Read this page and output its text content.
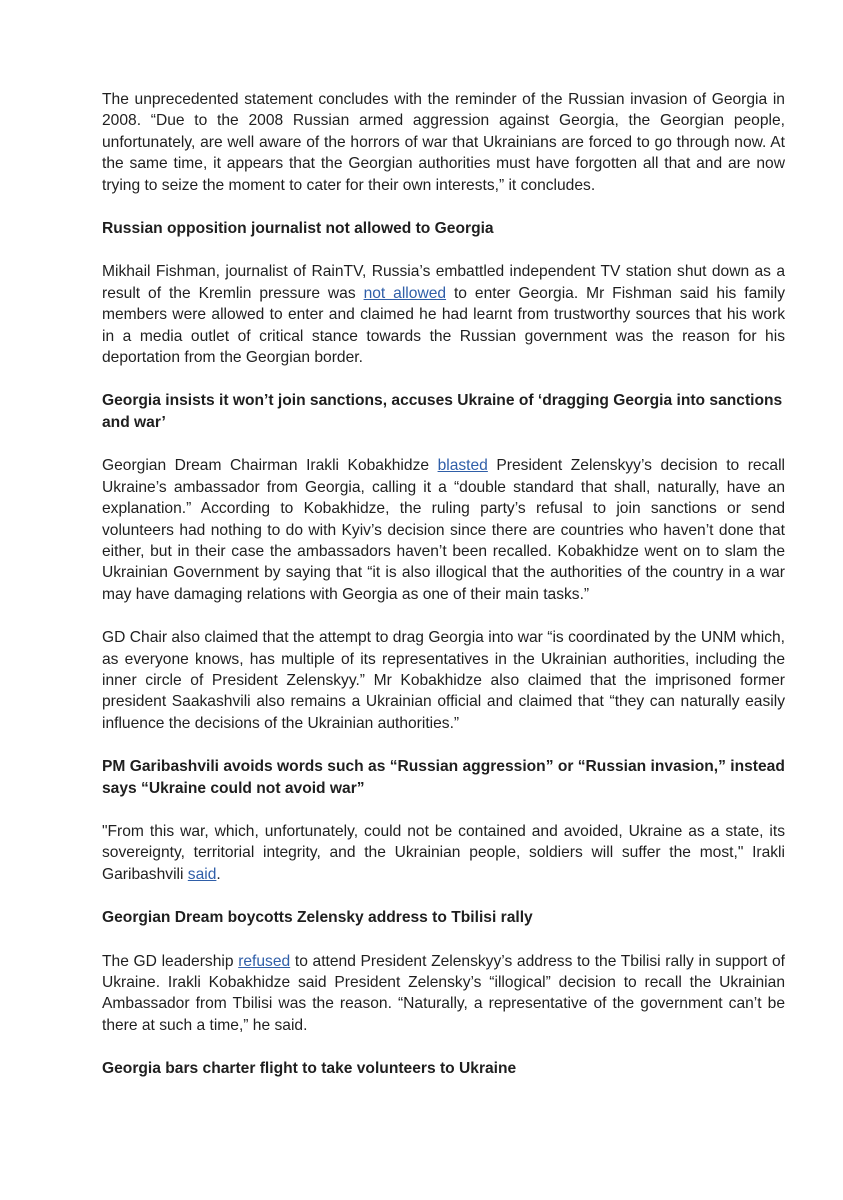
The unprecedented statement concludes with the reminder of the Russian invasion of Georgia in 2008. “Due to the 2008 Russian armed aggression against Georgia, the Georgian people, unfortunately, are well aware of the horrors of war that Ukrainians are forced to go through now. At the same time, it appears that the Georgian authorities must have forgotten all that and are now trying to seize the moment to cater for their own interests,” it concludes.

Russian opposition journalist not allowed to Georgia

Mikhail Fishman, journalist of RainTV, Russia’s embattled independent TV station shut down as a result of the Kremlin pressure was not allowed to enter Georgia. Mr Fishman said his family members were allowed to enter and claimed he had learnt from trustworthy sources that his work in a media outlet of critical stance towards the Russian government was the reason for his deportation from the Georgian border.

Georgia insists it won’t join sanctions, accuses Ukraine of ‘dragging Georgia into sanctions and war’

Georgian Dream Chairman Irakli Kobakhidze blasted President Zelenskyy’s decision to recall Ukraine’s ambassador from Georgia, calling it a “double standard that shall, naturally, have an explanation.” According to Kobakhidze, the ruling party’s refusal to join sanctions or send volunteers had nothing to do with Kyiv’s decision since there are countries who haven’t done that either, but in their case the ambassadors haven’t been recalled. Kobakhidze went on to slam the Ukrainian Government by saying that “it is also illogical that the authorities of the country in a war may have damaging relations with Georgia as one of their main tasks.”

GD Chair also claimed that the attempt to drag Georgia into war “is coordinated by the UNM which, as everyone knows, has multiple of its representatives in the Ukrainian authorities, including the inner circle of President Zelenskyy.” Mr Kobakhidze also claimed that the imprisoned former president Saakashvili also remains a Ukrainian official and claimed that “they can naturally easily influence the decisions of the Ukrainian authorities.”

PM Garibashvili avoids words such as “Russian aggression” or “Russian invasion,” instead says “Ukraine could not avoid war”

"From this war, which, unfortunately, could not be contained and avoided, Ukraine as a state, its sovereignty, territorial integrity, and the Ukrainian people, soldiers will suffer the most," Irakli Garibashvili said.

Georgian Dream boycotts Zelensky address to Tbilisi rally

The GD leadership refused to attend President Zelenskyy’s address to the Tbilisi rally in support of Ukraine. Irakli Kobakhidze said President Zelensky’s “illogical” decision to recall the Ukrainian Ambassador from Tbilisi was the reason. “Naturally, a representative of the government can’t be there at such a time,” he said.

Georgia bars charter flight to take volunteers to Ukraine
